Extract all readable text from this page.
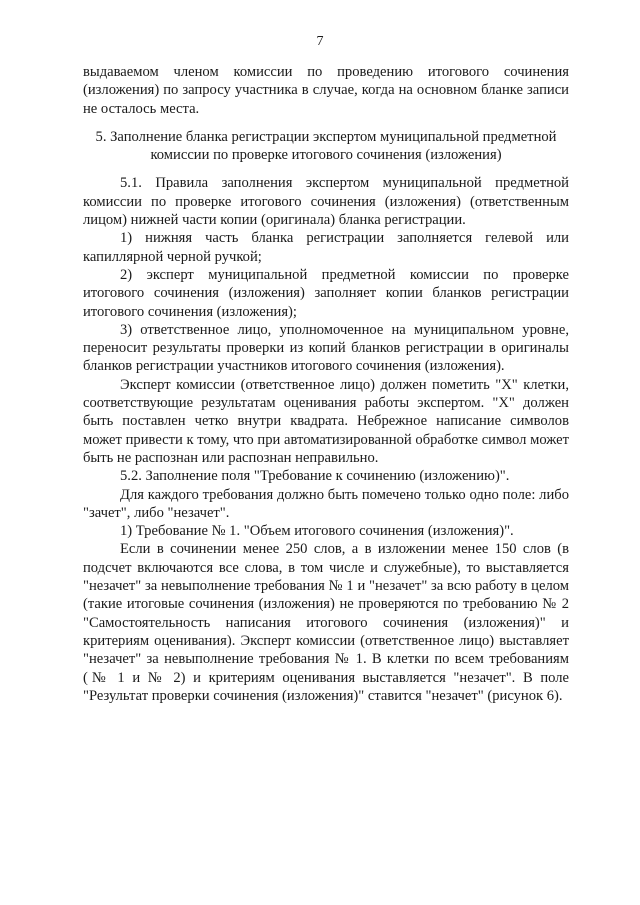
7

выдаваемом членом комиссии по проведению итогового сочинения (изложения) по запросу участника в случае, когда на основном бланке записи не осталось места.

5. Заполнение бланка регистрации экспертом муниципальной предметной комиссии по проверке итогового сочинения (изложения)

5.1. Правила заполнения экспертом муниципальной предметной комиссии по проверке итогового сочинения (изложения) (ответственным лицом) нижней части копии (оригинала) бланка регистрации.

1) нижняя часть бланка регистрации заполняется гелевой или капиллярной черной ручкой;

2) эксперт муниципальной предметной комиссии по проверке итогового сочинения (изложения) заполняет копии бланков регистрации итогового сочинения (изложения);

3) ответственное лицо, уполномоченное на муниципальном уровне, переносит результаты проверки из копий бланков регистрации в оригиналы бланков регистрации участников итогового сочинения (изложения).

Эксперт комиссии (ответственное лицо) должен пометить "X" клетки, соответствующие результатам оценивания работы экспертом. "X" должен быть поставлен четко внутри квадрата. Небрежное написание символов может привести к тому, что при автоматизированной обработке символ может быть не распознан или распознан неправильно.

5.2. Заполнение поля "Требование к сочинению (изложению)".

Для каждого требования должно быть помечено только одно поле: либо "зачет", либо "незачет".

1) Требование № 1. "Объем итогового сочинения (изложения)".

Если в сочинении менее 250 слов, а в изложении менее 150 слов (в подсчет включаются все слова, в том числе и служебные), то выставляется "незачет" за невыполнение требования № 1 и "незачет" за всю работу в целом (такие итоговые сочинения (изложения) не проверяются по требованию № 2 "Самостоятельность написания итогового сочинения (изложения)" и критериям оценивания). Эксперт комиссии (ответственное лицо) выставляет "незачет" за невыполнение требования № 1. В клетки по всем требованиям (№ 1 и № 2) и критериям оценивания выставляется "незачет". В поле "Результат проверки сочинения (изложения)" ставится "незачет" (рисунок 6).
